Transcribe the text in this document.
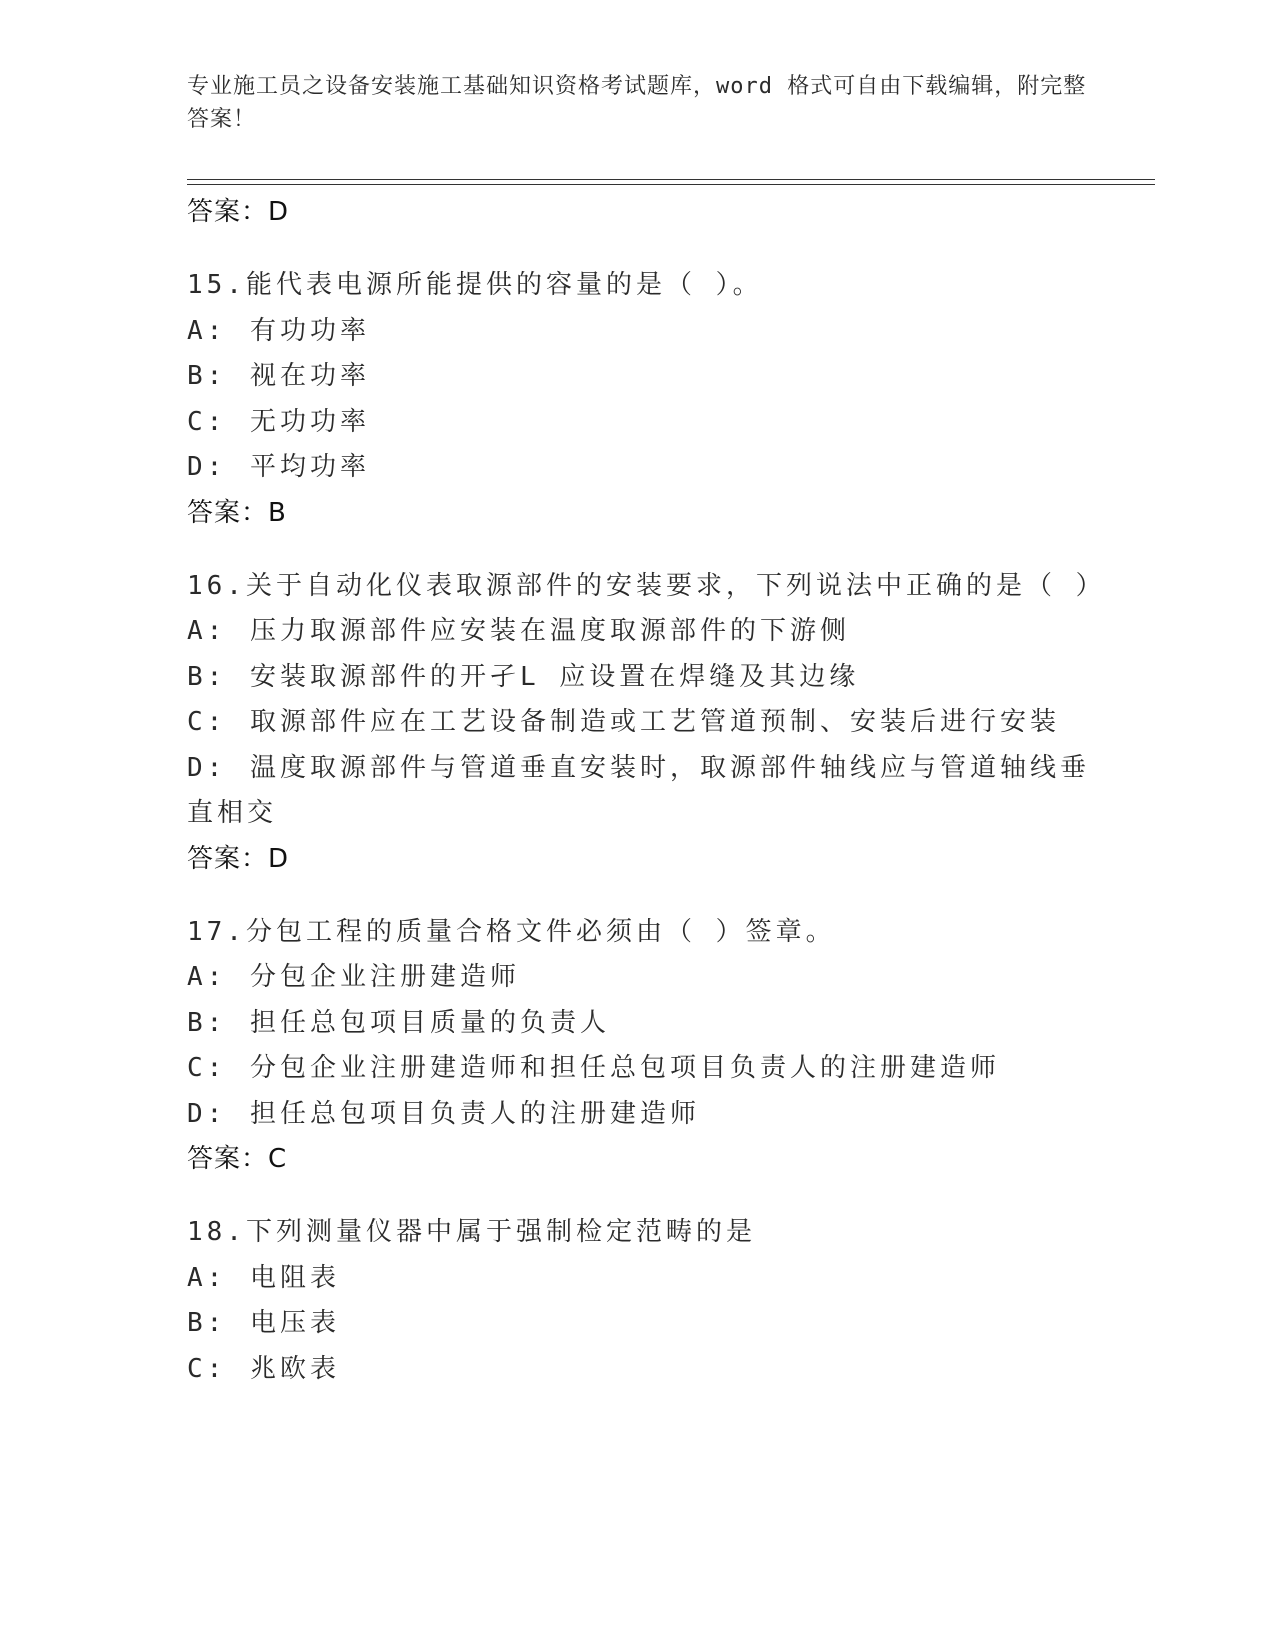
专业施工员之设备安装施工基础知识资格考试题库，word 格式可自由下载编辑，附完整答案！
答案：D
15.能代表电源所能提供的容量的是（ ）。
A: 有功功率
B: 视在功率
C: 无功功率
D: 平均功率
答案：B
16.关于自动化仪表取源部件的安装要求，下列说法中正确的是（ ）
A: 压力取源部件应安装在温度取源部件的下游侧
B: 安装取源部件的开孑L 应设置在焊缝及其边缘
C: 取源部件应在工艺设备制造或工艺管道预制、安装后进行安装
D: 温度取源部件与管道垂直安装时，取源部件轴线应与管道轴线垂直相交
答案：D
17.分包工程的质量合格文件必须由（ ）签章。
A: 分包企业注册建造师
B: 担任总包项目质量的负责人
C: 分包企业注册建造师和担任总包项目负责人的注册建造师
D: 担任总包项目负责人的注册建造师
答案：C
18.下列测量仪器中属于强制检定范畴的是
A: 电阻表
B: 电压表
C: 兆欧表
